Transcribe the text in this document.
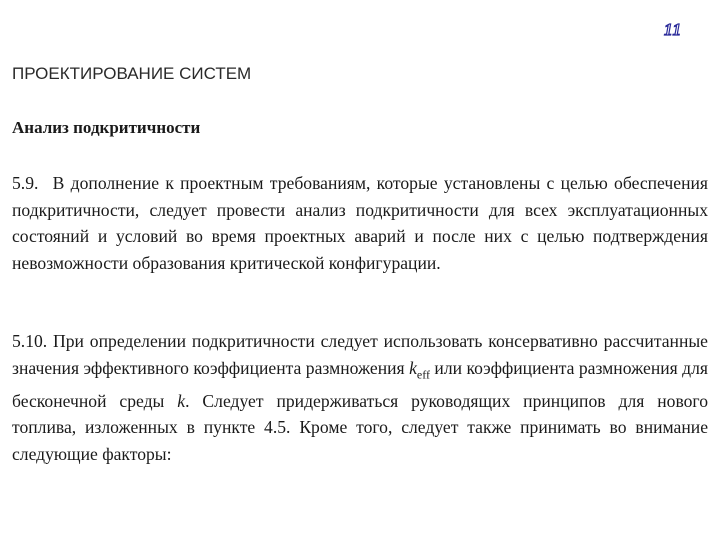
11
ПРОЕКТИРОВАНИЕ СИСТЕМ
Анализ подкритичности
5.9. В дополнение к проектным требованиям, которые установлены с целью обеспечения подкритичности, следует провести анализ подкритичности для всех эксплуатационных состояний и условий во время проектных аварий и после них с целью подтверждения невозможности образования критической конфигурации.
5.10. При определении подкритичности следует использовать консервативно рассчитанные значения эффективного коэффициента размножения $k_{eff}$ или коэффициента размножения для бесконечной среды k. Следует придерживаться руководящих принципов для нового топлива, изложенных в пункте 4.5. Кроме того, следует также принимать во внимание следующие факторы:
